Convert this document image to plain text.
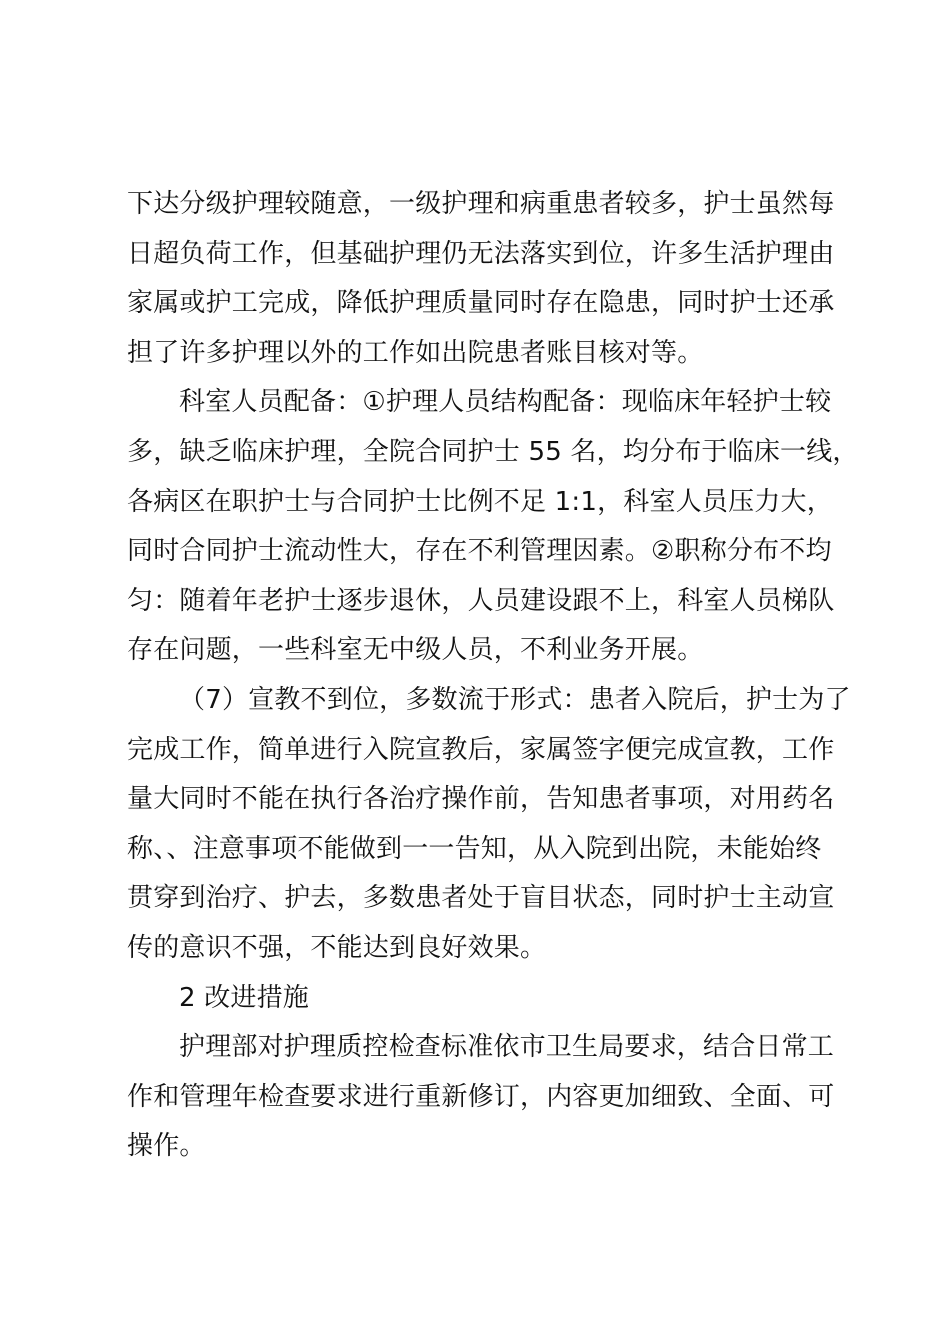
下达分级护理较随意，一级护理和病重患者较多，护士虽然每
日超负荷工作，但基础护理仍无法落实到位，许多生活护理由
家属或护工完成，降低护理质量同时存在隐患，同时护士还承
担了许多护理以外的工作如出院患者账目核对等。
科室人员配备：①护理人员结构配备：现临床年轻护士较
多，缺乏临床护理，全院合同护士 55 名，均分布于临床一线，
各病区在职护士与合同护士比例不足 1:1，科室人员压力大，
同时合同护士流动性大，存在不利管理因素。②职称分布不均
匀：随着年老护士逐步退休，人员建设跟不上，科室人员梯队
存在问题，一些科室无中级人员，不利业务开展。
（7）宣教不到位，多数流于形式：患者入院后，护士为了
完成工作，简单进行入院宣教后，家属签字便完成宣教，工作
量大同时不能在执行各治疗操作前，告知患者事项，对用药名
称、、注意事项不能做到一一告知，从入院到出院，未能始终
贯穿到治疗、护去，多数患者处于盲目状态，同时护士主动宣
传的意识不强，不能达到良好效果。
2 改进措施
护理部对护理质控检查标准依市卫生局要求，结合日常工
作和管理年检查要求进行重新修订，内容更加细致、全面、可
操作。
